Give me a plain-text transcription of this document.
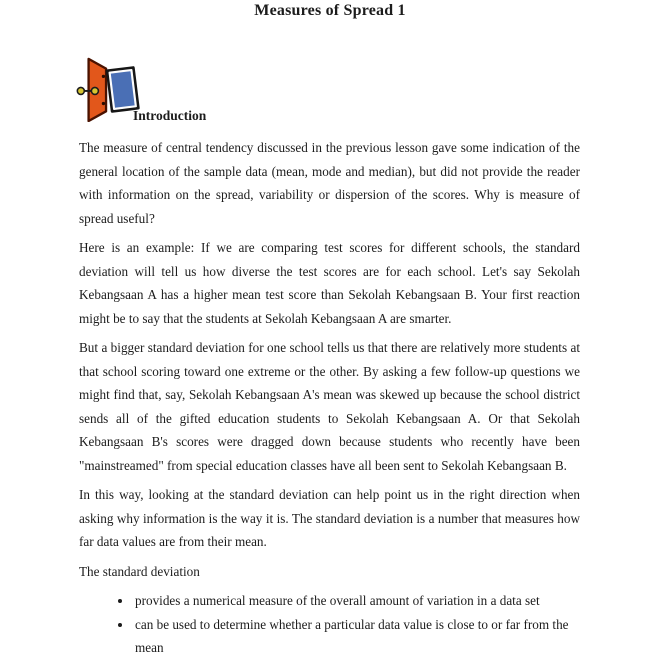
Measures of Spread 1
Introduction

The measure of central tendency discussed in the previous lesson gave some indication of the general location of the sample data (mean, mode and median), but did not provide the reader with information on the spread, variability or dispersion of the scores. Why is measure of spread useful?

Here is an example: If we are comparing test scores for different schools, the standard deviation will tell us how diverse the test scores are for each school. Let's say Sekolah Kebangsaan A has a higher mean test score than Sekolah Kebangsaan B. Your first reaction might be to say that the students at Sekolah Kebangsaan A are smarter.

But a bigger standard deviation for one school tells us that there are relatively more students at that school scoring toward one extreme or the other. By asking a few follow-up questions we might find that, say, Sekolah Kebangsaan A's mean was skewed up because the school district sends all of the gifted education students to Sekolah Kebangsaan A. Or that Sekolah Kebangsaan B's scores were dragged down because students who recently have been "mainstreamed" from special education classes have all been sent to Sekolah Kebangsaan B.

In this way, looking at the standard deviation can help point us in the right direction when asking why information is the way it is. The standard deviation is a number that measures how far data values are from their mean.

The standard deviation

• provides a numerical measure of the overall amount of variation in a data set
• can be used to determine whether a particular data value is close to or far from the mean
